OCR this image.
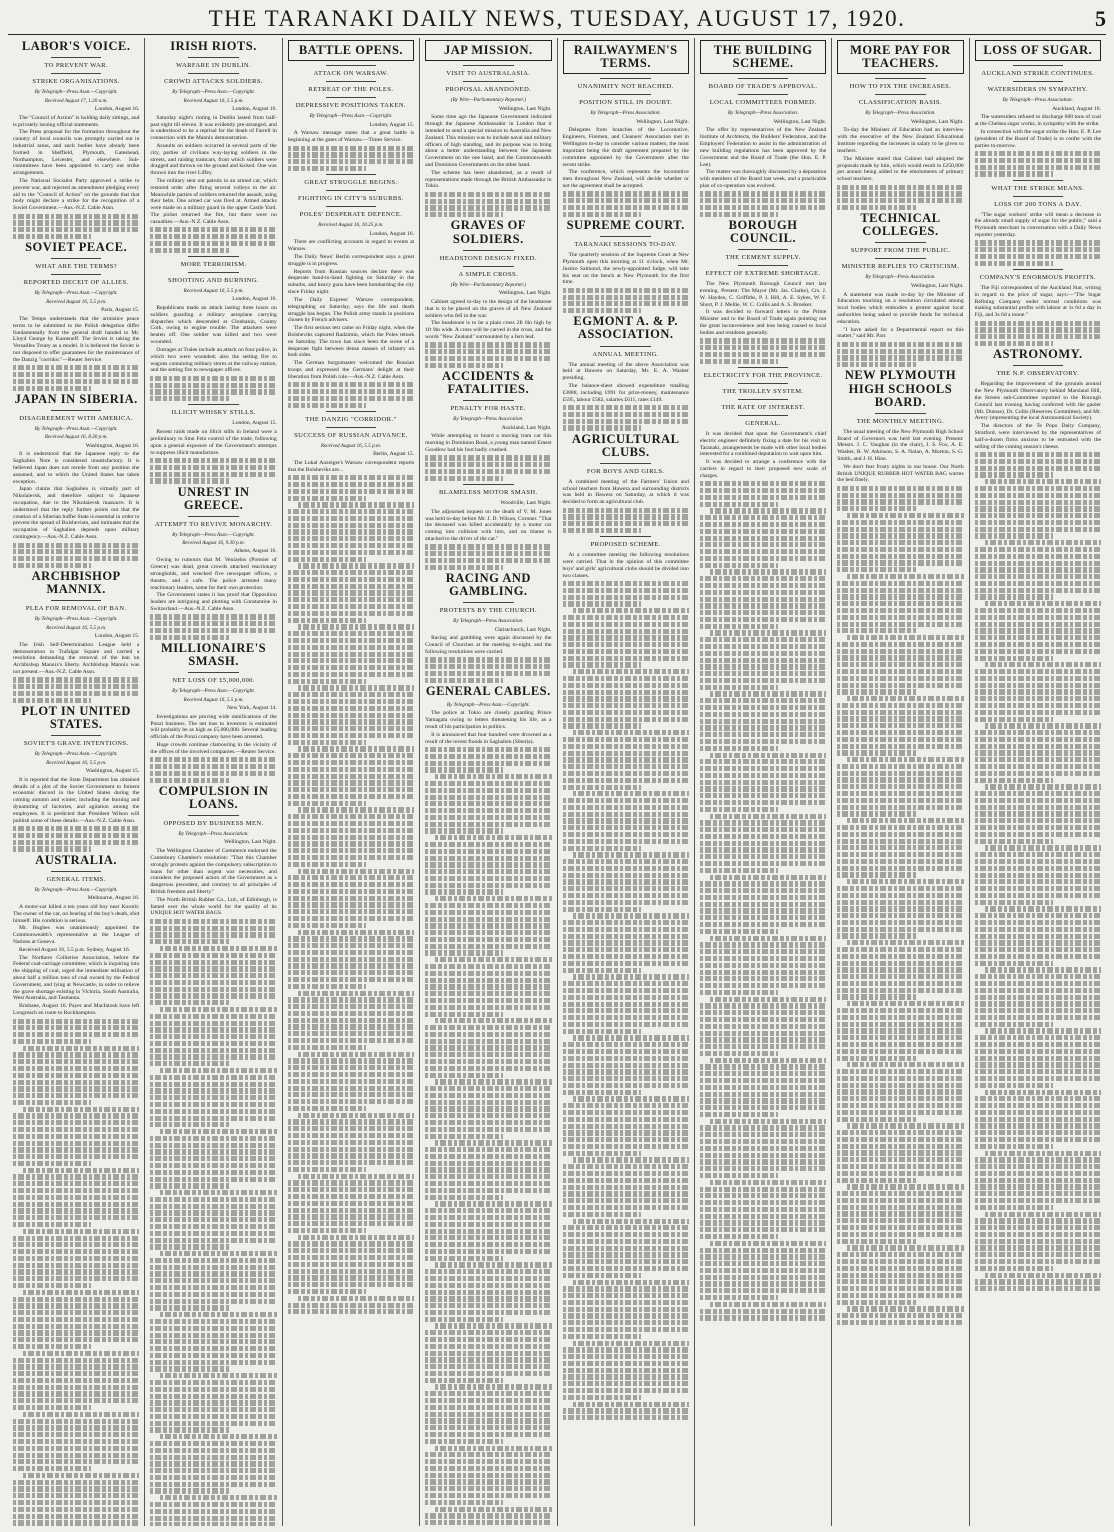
THE TARANAKI DAILY NEWS, TUESDAY, AUGUST 17, 1920.	5
LABOR'S VOICE.
TO PREVENT WAR.
STRIKE ORGANISATIONS.
By Telegraph—Press Assn.—Copyright.
Received August 17, 1.20 a.m.
London, August 16.

The "Council of Action" is holding daily sittings, and is privately issuing official statements.

The Press proposal for the formation throughout the country of local councils was promptly carried out in industrial areas, and such bodies have already been formed in Sheffield, Plymouth, Gateshead, Northampton, Leicester, and elsewhere. Sub-committees have been appointed to carry out strike arrangements.

The National Socialist Party approved a strike to prevent war, and rejected an amendment pledging every aid to the "Council of Action" on the grounds that that body might declare a strike for the recognition of a Soviet Government.—Aus.-N.Z. Cable Assn.

SOVIET PEACE.
WHAT ARE THE TERMS?
REPORTED DECEIT OF ALLIES.
By Telegraph—Press Assn.—Copyright.
Received August 16, 5.5 p.m.
Paris, August 15.

The Temps understands that the armistice peace terms to be submitted to the Polish delegation differ fundamentally from the general draft handed to Mr. Lloyd George by Kameneff. The Soviet is taking the Versailles Treaty as a model. It is believed the Soviet is not disposed to offer guarantees for the maintenance of the Danzig "corridor."—Reuter Service.

JAPAN IN SIBERIA.
DISAGREEMENT WITH AMERICA.
By Telegraph—Press Assn.—Copyright.
Received August 16, 8.30 p.m.
Washington, August 16.

It is understood that the Japanese reply to the Saghalien Note is considered unsatisfactory. It is believed Japan does not recede from any position she assumed, and to which the United States has taken exception.

Japan claims that Saghalien is virtually part of Nikolaievsk, and therefore subject to Japanese occupation, due to the Nikolaievsk massacre. It is understood that the reply further points out that the creation of a Siberian buffer State is essential in order to prevent the spread of Bolshevism, and intimates that the occupation of Saghalien depends upon military contingency.—Aus.-N.Z. Cable Assn.

ARCHBISHOP MANNIX.
PLEA FOR REMOVAL OF BAN.
By Telegraph—Press Assn.—Copyright.
Received August 16, 5.5 p.m.
London, August 15.

The Irish Self-Determination League held a demonstration in Trafalgar Square and carried a resolution demanding the removal of the ban on Archbishop Mannix's liberty. Archbishop Mannix was not present.—Aus.-N.Z. Cable Assn.

PLOT IN UNITED STATES.
SOVIET'S GRAVE INTENTIONS.
By Telegraph—Press Assn.—Copyright.
Received August 16, 5.5 p.m.
Washington, August 15.

It is reported that the State Department has obtained details of a plot of the Soviet Government to foment economic discord in the United States during the coming autumn and winter, including the burning and dynamiting of factories, and agitation among the employees. It is predicted that President Wilson will publish some of these details.—Aus.-N.Z. Cable Assn.

AUSTRALIA.
GENERAL ITEMS.
By Telegraph—Press Assn.—Copyright.
Melbourne, August 16.

A motor-car killed a ten years old boy near Kororit. The owner of the car, on bearing of the boy's death, shot himself. His condition is serious.

Mr. Hughes was unanimously appointed the Commonwealth's representative at the League of Nations at Geneva.

Received August 16, 5.5 p.m. Sydney, August 16.

The Northern Collieries Association, before the Federal coal-carriage committee, which is inquiring into the shipping of coal, urged the immediate utilisation of about half a million tons of coal owned by the Federal Government, and lying at Newcastle, in order to relieve the grave shortage existing in Victoria, South Australia, West Australia, and Tasmania.

Brisbane, August 16. Payer and MacIntosh have left Longreach en route to Rockhampton.

IRISH RIOTS.
WARFARE IN DUBLIN.
CROWD ATTACKS SOLDIERS.
By Telegraph—Press Assn.—Copyright.
Received August 16, 5.5 p.m.
London, August 16.

Saturday night's rioting in Dublin lasted from half-past eight till eleven. It was evidently pre-arranged, and is understood to be a reprisal for the death of Farrell in connection with the Mannix demonstration.

Assaults on soldiers occurred in several parts of the city, parties of civilians way-laying soldiers in the streets, and raiding tramcars, from which soldiers were dragged and thrown on the ground and kicked. One was thrown into the river Liffey.

The military sent out patrols in an armed car, which restored order after firing several volleys in the air. Meanwhile parties of soldiers returned the assault, using their belts. One armed car was fired at. Armed attacks were made on a military guard in the upper Castle Yard. The picket returned the fire, but there were no casualties.—Aus.-N.Z. Cable Assn.

MORE TERRORISM.
SHOOTING AND BURNING.
Received August 16, 5.5 p.m.
London, August 16.

Republicans made an attack lasting three hours on soldiers guarding a military aeroplane carrying dispatches which descended at Clonbanin, County Cork, owing to engine trouble. The attackers were beaten off. One soldier was killed and two were wounded.

Outrages at Tralee include an attack on four police, in which two were wounded; also the setting fire to wagons containing military stores at the railway station, and the setting fire to newspaper offices.

ILLICIT WHISKY STILLS.
London, August 15.

Recent raids made on illicit stills in Ireland were a preliminary to Sinn Fein control of the trade, following upon a general exposure of the Government's attempts to suppress illicit manufacture.

UNREST IN GREECE.
ATTEMPT TO REVIVE MONARCHY.
By Telegraph—Press Assn.—Copyright.
Received August 16, 9.30 p.m.
Athens, August 16.

Owing to rumours that M. Venizelos (Premier of Greece) was dead, great crowds attacked reactionary strongholds, and wrecked five newspaper offices, a theatre, and a cafe. The police arrested many reactionary leaders, some for their own protection.

The Government states it has proof that Opposition leaders are intriguing and plotting with Constantine in Switzerland.—Aus.-N.Z. Cable Assn.

MILLIONAIRE'S SMASH.
NET LOSS OF £5,000,000.
By Telegraph—Press Assn.—Copyright.
Received August 16, 5.5 p.m.
New York, August 14.

Investigations are proving wide ramifications of the Ponzi business. The net loss to investors is estimated will probably be as high as £5,000,000. Several leading officials of the Ponzi company have been arrested.

Huge crowds continue clamouring in the vicinity of the offices of the involved companies.—Reuter Service.

COMPULSION IN LOANS.
OPPOSED BY BUSINESS MEN.
By Telegraph—Press Association.
Wellington, Last Night.

The Wellington Chamber of Commerce endorsed the Canterbury Chamber's resolution: "That this Chamber strongly protests against the compulsory subscription to loans for other than urgent war necessities, and considers the proposed action of the Government as a dangerous precedent, and contrary to all principles of British freedom and liberty."

The North British Rubber Co., Ltd., of Edinburgh, is famed over the whole world for the quality of its UNIQUE HOT WATER BAGS.

BATTLE OPENS.
ATTACK ON WARSAW.
RETREAT OF THE POLES.
DEPRESSIVE POSITIONS TAKEN.
By Telegraph—Press Assn.—Copyright.
London, August 15.

A Warsaw message states that a great battle is beginning at the gates of Warsaw.—Times Service.

GREAT STRUGGLE BEGINS.
FIGHTING IN CITY'S SUBURBS.
POLES' DESPERATE DEFENCE.
Received August 16, 10.25 p.m.
London, August 16.

There are conflicting accounts in regard to events at Warsaw.

The Daily News' Berlin correspondent says a great struggle is in progress.

Reports from Russian sources declare there was desperate hand-to-hand fighting on Saturday in the suburbs, and heavy guns have been bombarding the city since Friday night.

The Daily Express' Warsaw correspondent, telegraphing on Saturday, says the life and death struggle has begun. The Polish army stands in positions chosen by French advisers.

The first serious test came on Friday night, when the Bolsheviks captured Radzimin, which the Poles retook on Saturday. The town has since been the scene of a desperate fight between dense masses of infantry on both sides.

The German burgomaster welcomed the Russian troops and expressed the Germans' delight at their liberation from Polish rule.—Aus.-N.Z. Cable Assn.

THE DANZIG "CORRIDOR."
SUCCESS OF RUSSIAN ADVANCE.
Received August 16, 5.5 p.m.
Berlin, August 15.

The Lokal Anzeiger's Warsaw correspondent reports that the Bolsheviks are...

JAP MISSION.
VISIT TO AUSTRALASIA.
PROPOSAL ABANDONED.
(By Wire—Parliamentary Reporter.)
Wellington, Last Night.

Some time ago the Japanese Government indicated through the Japanese Ambassador in London that it intended to send a special mission to Australia and New Zealand. This mission was to include naval and military officers of high standing, and its purpose was to bring about a better understanding between the Japanese Government on the one hand, and the Commonwealth and Dominion Governments on the other hand.

The scheme has been abandoned, as a result of representations made through the British Ambassador in Tokio.

GRAVES OF SOLDIERS.
HEADSTONE DESIGN FIXED.
A SIMPLE CROSS.
(By Wire—Parliamentary Reporter.)
Wellington, Last Night.

Cabinet agreed to-day to the design of the headstone that is to be placed on the graves of all New Zealand soldiers who fell in the war.

The headstone is to be a plain cross 2ft 6in high by 1ft 9in wide. A cross will be carved in the cross, and the words "New Zealand" surmounted by a fern leaf.

ACCIDENTS & FATALITIES.
PENALTY FOR HASTE.
By Telegraph—Press Association.
Auckland, Last Night.

While attempting to board a moving tram car this morning in Dominion Road, a young man named Ernest Goodlow had his foot badly crushed.

BLAMELESS MOTOR SMASH.
Woodville, Last Night.

The adjourned inquest on the death of V. M. Jones was held to-day before Mr. J. D. Wilson, Coroner. "That the deceased was killed accidentally by a motor car coming into collision with him, and no blame is attached to the driver of the car."

RACING AND GAMBLING.
PROTESTS BY THE CHURCH.
By Telegraph—Press Association.
Christchurch, Last Night.

Racing and gambling were again discussed by the Council of Churches at the meeting to-night, and the following resolutions were carried.

GENERAL CABLES.
By Telegraph—Press Assn.—Copyright.

The police at Tokio are closely guarding Prince Yamagata owing to letters threatening his life, as a result of his participation in politics.

It is announced that four hundred were drowned as a result of the recent floods in Saghalien (Siberia).

RAILWAYMEN'S TERMS.
UNANIMITY NOT REACHED.
POSITION STILL IN DOUBT.
By Telegraph—Press Association.
Wellington, Last Night.

Delegates from branches of the Locomotive, Engineers, Firemen, and Cleaners' Association met in Wellington to-day to consider various matters, the most important being the draft agreement prepared by the committee appointed by the Government after the recent strike.

The conference, which represents the locomotive men throughout New Zealand, will decide whether or not the agreement shall be accepted.

SUPREME COURT.
TARANAKI SESSIONS TO-DAY.

The quarterly sessions of the Supreme Court at New Plymouth open this morning at 11 o'clock, when Mr. Justice Salmond, the newly-appointed Judge, will take his seat on the bench at New Plymouth for the first time.

EGMONT A. & P. ASSOCIATION.
ANNUAL MEETING.

The annual meeting of the above Association was held at Hawera on Saturday, Mr. E. A. Washer presiding.

The balance-sheet showed expenditure totalling £3888, including £991 for prize-money, maintenance £595, labour £582, salaries £611, rates £149.

AGRICULTURAL CLUBS.
FOR BOYS AND GIRLS.

A combined meeting of the Farmers' Union and school teachers from Hawera and surrounding districts was held in Hawera on Saturday, at which it was decided to form an agricultural club.

PROPOSED SCHEME.

At a committee meeting the following resolutions were carried. That in the opinion of this committee boys' and girls' agricultural clubs should be divided into two classes.

THE BUILDING SCHEME.
BOARD OF TRADE'S APPROVAL.
LOCAL COMMITTEES FORMED.
By Telegraph—Press Association.
Wellington, Last Night.

The offer by representatives of the New Zealand Institute of Architects, the Builders' Federation, and the Employers' Federation to assist in the administration of new building regulations has been approved by the Government and the Board of Trade (the Hon. E. P. Lee).

The matter was thoroughly discussed by a deputation with members of the Board last week, and a practicable plan of co-operation was evolved.

BOROUGH COUNCIL.
THE CEMENT SUPPLY.
EFFECT OF EXTREME SHORTAGE.

The New Plymouth Borough Council met last evening. Present: The Mayor (Mr. Jas. Clarke), Crs. J. W. Hayden, C. Griffiths, P. J. Hill, A. E. Sykes, W. F. Short, P. J. Mellie, W. C. Collis and A. S. Brooker.

It was decided to forward letters to the Prime Minister and to the Board of Trade again pointing out the great inconvenience and loss being caused to local bodies and residents generally.

ELECTRICITY FOR THE PROVINCE.
THE TROLLEY SYSTEM.
THE RATE OF INTEREST.
GENERAL.

It was decided that upon the Government's chief electric engineer definitely fixing a date for his visit to Taranaki, arrangements be made with other local bodies interested for a combined deputation to wait upon him.

It was decided to arrange a conference with the carriers in regard to their proposed new scale of charges.

MORE PAY FOR TEACHERS.
HOW TO FIX THE INCREASES.
CLASSIFICATION BASIS.
By Telegraph—Press Association.
Wellington, Last Night.

To-day the Minister of Education had an interview with the executive of the New Zealand Educational Institute regarding the increases in salary to be given to teachers.

The Minister stated that Cabinet had adopted the proposals made by him, which would result in £250,000 per annum being added to the emoluments of primary school teachers.

TECHNICAL COLLEGES.
SUPPORT FROM THE PUBLIC.
MINISTER REPLIES TO CRITICISM.
By Telegraph—Press Association.
Wellington, Last Night.

A statement was made to-day by the Minister of Education touching on a resolution circulated among local bodies which embodies a protest against local authorities being asked to provide funds for technical education.

"I have asked for a Departmental report on this matter," said Mr. Parr.

NEW PLYMOUTH HIGH SCHOOLS BOARD.
THE MONTHLY MEETING.

The usual meeting of the New Plymouth High School Board of Governors was held last evening. Present: Messrs. J. C. Vaughan (in the chair), J. S. Fox, A. E. Washer, R. W. Atkinson, S. A. Nolan, A. Morton, S. G. Smith, and J. H. Hine.

We don't fear frosty nights in our house. Our North British UNIQUE RUBBER HOT WATER BAG warms the bed finely.

LOSS OF SUGAR.
AUCKLAND STRIKE CONTINUES.
WATERSIDERS IN SYMPATHY.
By Telegraph—Press Association.
Auckland, August 16.

The watersiders refused to discharge 600 tons of coal at the Chelsea sugar works, in sympathy with the strike.

In connection with the sugar strike the Hon. E. P. Lee (president of the Board of Trade) is to confer with the parties to-morrow.

WHAT THE STRIKE MEANS.
LOSS OF 200 TONS A DAY.

"The sugar workers' strike will mean a decrease in the already small supply of sugar for the public," said a Plymouth merchant in conversation with a Daily News reporter yesterday.

COMPANY'S ENORMOUS PROFITS.

The Fiji correspondent of the Auckland Star, writing in regard to the price of sugar, says:—"The Sugar Refining Company under normal conditions was making substantial profits with labour at 1s 6d a day in Fiji, and 3s 6d a tonne."

ASTRONOMY.
THE N.P. OBSERVATORY.

Regarding the improvement of the grounds around the New Plymouth Observatory behind Marsland Hill, the Streets sub-Committee reported to the Borough Council last evening having conferred with the gaoler (Mr. Dumas), Dr. Collis (Reserves Committee), and Mr. Avery (representing the local Astronomical Society).

The directors of the Te Popo Dairy Company, Stratford, were interviewed by the representatives of half-a-dozen firms anxious to be entrusted with the selling of the coming season's cheese.
